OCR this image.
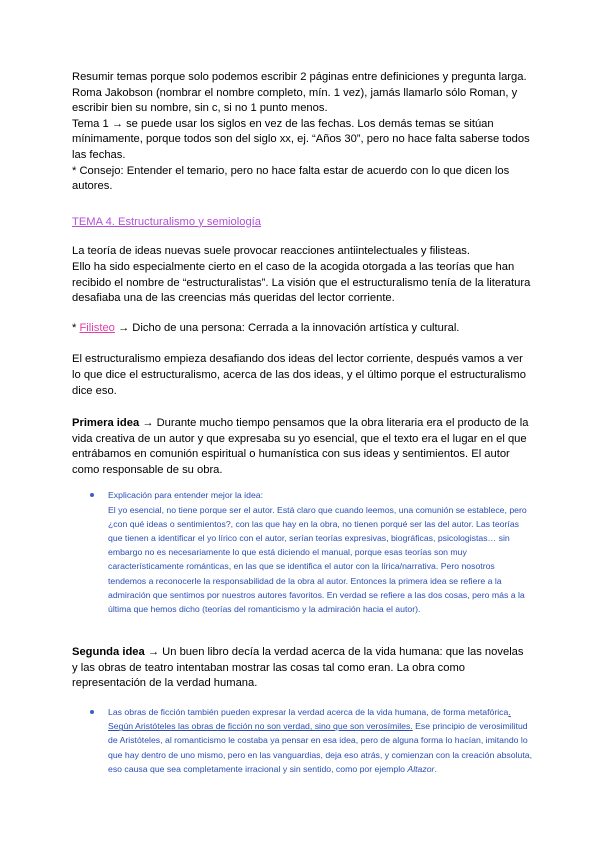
Resumir temas porque solo podemos escribir 2 páginas entre definiciones y pregunta larga.

Roma Jakobson (nombrar el nombre completo, mín. 1 vez), jamás llamarlo sólo Roman, y escribir bien su nombre, sin c, si no 1 punto menos.

Tema 1 → se puede usar los siglos en vez de las fechas. Los demás temas se sitúan mínimamente, porque todos son del siglo xx, ej. “Años 30”, pero no hace falta saberse todos las fechas.

* Consejo: Entender el temario, pero no hace falta estar de acuerdo con lo que dicen los autores.

TEMA 4. Estructuralismo y semiología

La teoría de ideas nuevas suele provocar reacciones antiintelectuales y filisteas.

Ello ha sido especialmente cierto en el caso de la acogida otorgada a las teorías que han recibido el nombre de “estructuralistas”. La visión que el estructuralismo tenía de la literatura desafiaba una de las creencias más queridas del lector corriente.

* Filisteo → Dicho de una persona: Cerrada a la innovación artística y cultural.

El estructuralismo empieza desafiando dos ideas del lector corriente, después vamos a ver lo que dice el estructuralismo, acerca de las dos ideas, y el último porque el estructuralismo dice eso.

Primera idea → Durante mucho tiempo pensamos que la obra literaria era el producto de la vida creativa de un autor y que expresaba su yo esencial, que el texto era el lugar en el que entrábamos en comunión espiritual o humanística con sus ideas y sentimientos. El autor como responsable de su obra.

Explicación para entender mejor la idea:
El yo esencial, no tiene porque ser el autor. Está claro que cuando leemos, una comunión se establece, pero ¿con qué ideas o sentimientos?, con las que hay en la obra, no tienen porqué ser las del autor. Las teorías que tienen a identificar el yo lírico con el autor, serían teorías expresivas, biográficas, psicologistas… sin embargo no es necesariamente lo que está diciendo el manual, porque esas teorías son muy característicamente románticas, en las que se identifica el autor con la lírica/narrativa. Pero nosotros tendemos a reconocerle la responsabilidad de la obra al autor. Entonces la primera idea se refiere a la admiración que sentimos por nuestros autores favoritos. En verdad se refiere a las dos cosas, pero más a la última que hemos dicho (teorías del romanticismo y la admiración hacia el autor).

Segunda idea → Un buen libro decía la verdad acerca de la vida humana: que las novelas y las obras de teatro intentaban mostrar las cosas tal como eran. La obra como representación de la verdad humana.

Las obras de ficción también pueden expresar la verdad acerca de la vida humana, de forma metafórica. Según Aristóteles las obras de ficción no son verdad, sino que son verosímiles. Ese principio de verosimilitud de Aristóteles, al romanticismo le costaba ya pensar en esa idea, pero de alguna forma lo hacían, imitando lo que hay dentro de uno mismo, pero en las vanguardias, deja eso atrás, y comienzan con la creación absoluta, eso causa que sea completamente irracional y sin sentido, como por ejemplo Altazor.
